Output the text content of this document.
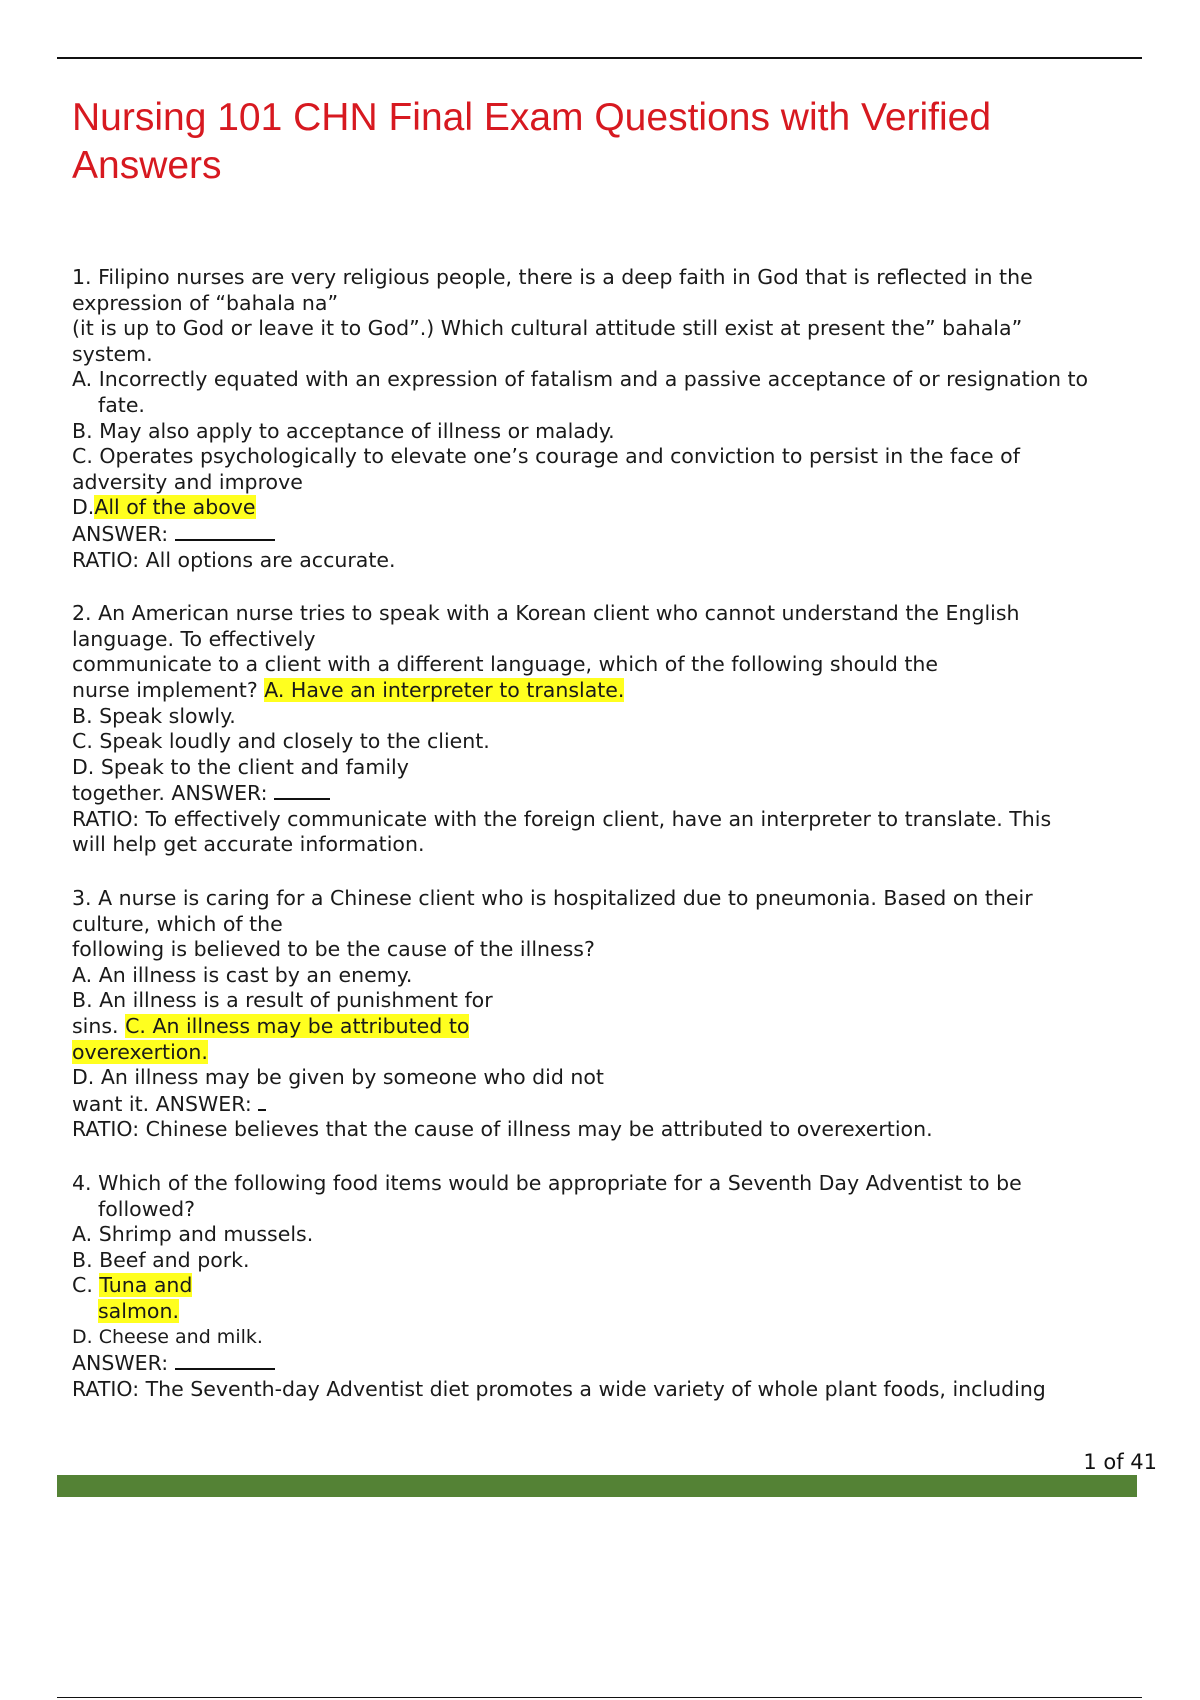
Nursing 101 CHN Final Exam Questions with Verified
Answers
1. Filipino nurses are very religious people, there is a deep faith in God that is reflected in the
expression of “bahala na”
(it is up to God or leave it to God”.) Which cultural attitude still exist at present the” bahala”
system.
A. Incorrectly equated with an expression of fatalism and a passive acceptance of or resignation to
fate.
B. May also apply to acceptance of illness or malady.
C. Operates psychologically to elevate one’s courage and conviction to persist in the face of
adversity and improve
D.All of the above
ANSWER:
RATIO: All options are accurate.
2. An American nurse tries to speak with a Korean client who cannot understand the English
language. To effectively
communicate to a client with a different language, which of the following should the
nurse implement? A. Have an interpreter to translate.
B. Speak slowly.
C. Speak loudly and closely to the client.
D. Speak to the client and family
together. ANSWER:
RATIO: To effectively communicate with the foreign client, have an interpreter to translate. This
will help get accurate information.
3. A nurse is caring for a Chinese client who is hospitalized due to pneumonia. Based on their
culture, which of the
following is believed to be the cause of the illness?
A. An illness is cast by an enemy.
B. An illness is a result of punishment for
sins. C. An illness may be attributed to
overexertion.
D. An illness may be given by someone who did not
want it. ANSWER:
RATIO: Chinese believes that the cause of illness may be attributed to overexertion.
4. Which of the following food items would be appropriate for a Seventh Day Adventist to be
followed?
A. Shrimp and mussels.
B. Beef and pork.
C. Tuna and
salmon.
D. Cheese and milk.
ANSWER:
RATIO: The Seventh-day Adventist diet promotes a wide variety of whole plant foods, including
1 of 41
